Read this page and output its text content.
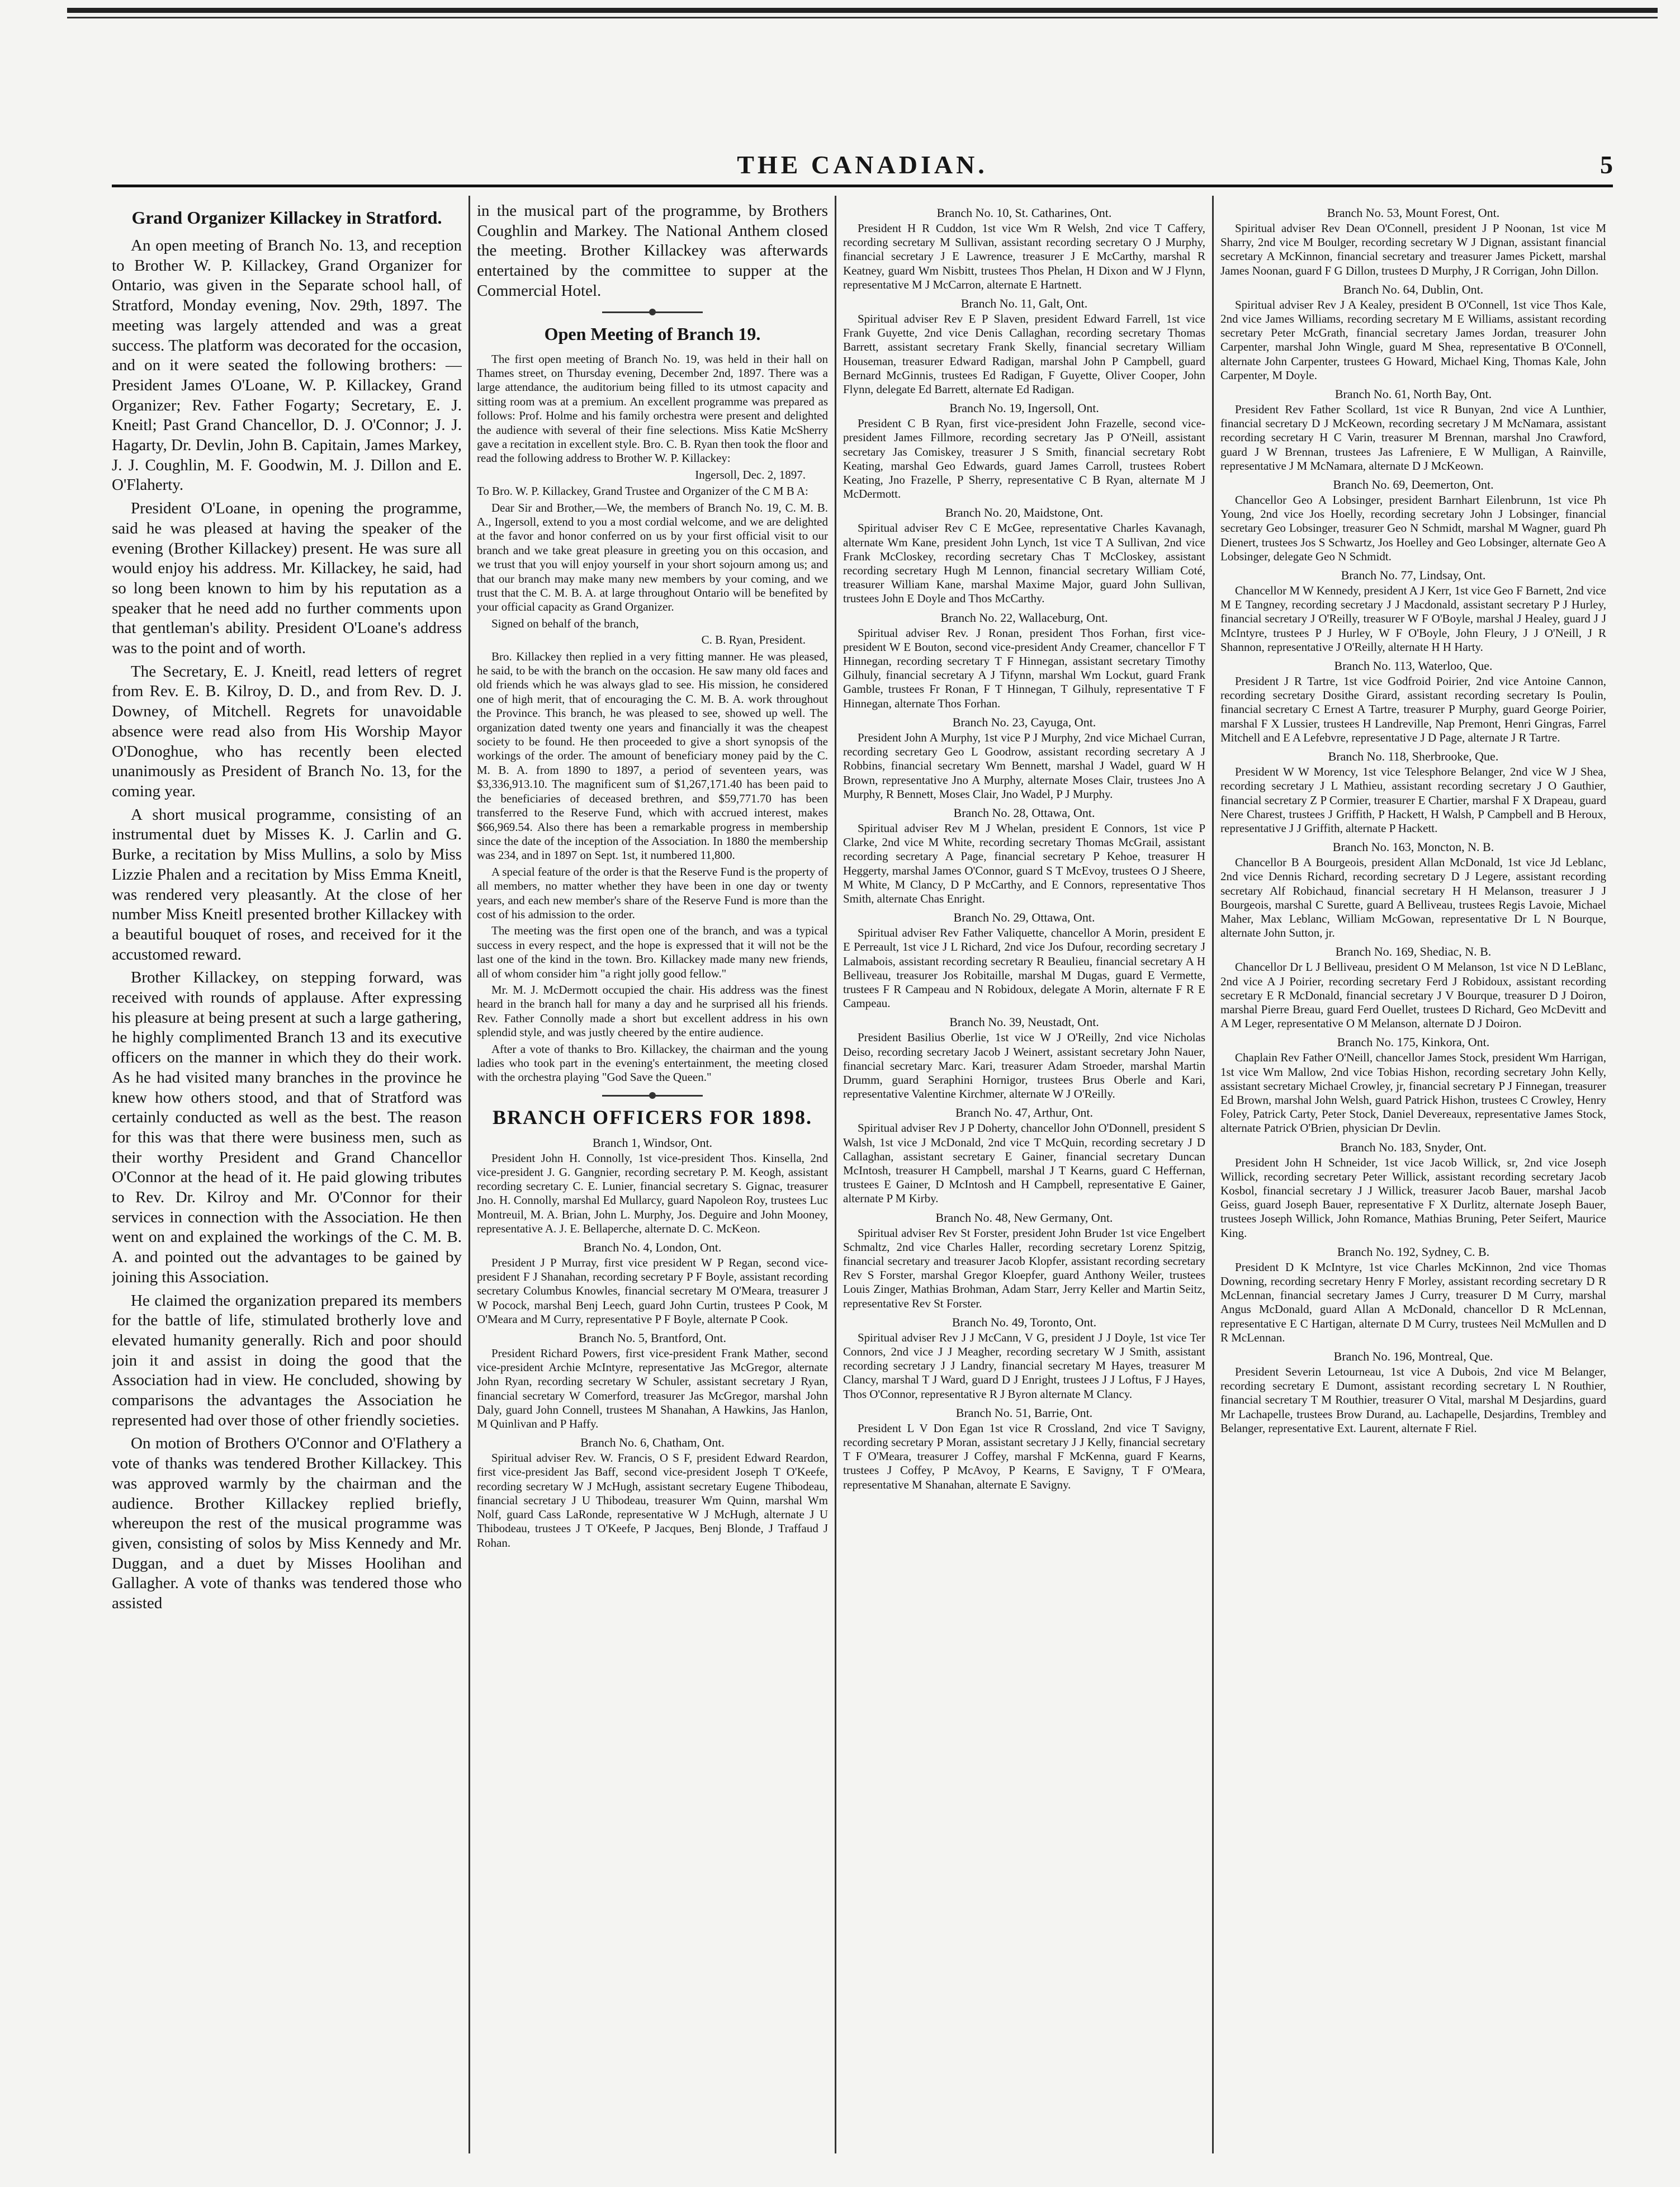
THE CANADIAN.	5
Grand Organizer Killackey in Stratford.

An open meeting of Branch No. 13, and reception to Brother W. P. Killackey, Grand Organizer for Ontario, was given in the Separate school hall, of Stratford, Monday evening, Nov. 29th, 1897. The meeting was largely attended and was a great success. The platform was decorated for the occasion, and on it were seated the following brothers: — President James O'Loane, W. P. Killackey, Grand Organizer; Rev. Father Fogarty; Secretary, E. J. Kneitl; Past Grand Chancellor, D. J. O'Connor; J. J. Hagarty, Dr. Devlin, John B. Capitain, James Markey, J. J. Coughlin, M. F. Goodwin, M. J. Dillon and E. O'Flaherty.

President O'Loane, in opening the programme, said he was pleased at having the speaker of the evening (Brother Killackey) present. He was sure all would enjoy his address. Mr. Killackey, he said, had so long been known to him by his reputation as a speaker that he need add no further comments upon that gentleman's ability. President O'Loane's address was to the point and of worth.

The Secretary, E. J. Kneitl, read letters of regret from Rev. E. B. Kilroy, D. D., and from Rev. D. J. Downey, of Mitchell. Regrets for unavoidable absence were read also from His Worship Mayor O'Donoghue, who has recently been elected unanimously as President of Branch No. 13, for the coming year.

A short musical programme, consisting of an instrumental duet by Misses K. J. Carlin and G. Burke, a recitation by Miss Mullins, a solo by Miss Lizzie Phalen and a recitation by Miss Emma Kneitl, was rendered very pleasantly. At the close of her number Miss Kneitl presented brother Killackey with a beautiful bouquet of roses, and received for it the accustomed reward.

Brother Killackey, on stepping forward, was received with rounds of applause. After expressing his pleasure at being present at such a large gathering, he highly complimented Branch 13 and its executive officers on the manner in which they do their work. As he had visited many branches in the province he knew how others stood, and that of Stratford was certainly conducted as well as the best. The reason for this was that there were business men, such as their worthy President and Grand Chancellor O'Connor at the head of it. He paid glowing tributes to Rev. Dr. Kilroy and Mr. O'Connor for their services in connection with the Association. He then went on and explained the workings of the C. M. B. A. and pointed out the advantages to be gained by joining this Association.

He claimed the organization prepared its members for the battle of life, stimulated brotherly love and elevated humanity generally. Rich and poor should join it and assist in doing the good that the Association had in view. He concluded, showing by comparisons the advantages the Association he represented had over those of other friendly societies.

On motion of Brothers O'Connor and O'Flathery a vote of thanks was tendered Brother Killackey. This was approved warmly by the chairman and the audience. Brother Killackey replied briefly, whereupon the rest of the musical programme was given, consisting of solos by Miss Kennedy and Mr. Duggan, and a duet by Misses Hoolihan and Gallagher. A vote of thanks was tendered those who assisted

in the musical part of the programme, by Brothers Coughlin and Markey. The National Anthem closed the meeting. Brother Killackey was afterwards entertained by the committee to supper at the Commercial Hotel.

Open Meeting of Branch 19.

The first open meeting of Branch No. 19, was held in their hall on Thames street, on Thursday evening, December 2nd, 1897. There was a large attendance, the auditorium being filled to its utmost capacity and sitting room was at a premium. An excellent programme was prepared as follows: Prof. Holme and his family orchestra were present and delighted the audience with several of their fine selections. Miss Katie McSherry gave a recitation in excellent style. Bro. C. B. Ryan then took the floor and read the following address to Brother W. P. Killackey:

Ingersoll, Dec. 2, 1897.

To Bro. W. P. Killackey, Grand Trustee and Organizer of the C M B A:

Dear Sir and Brother,—We, the members of Branch No. 19, C. M. B. A., Ingersoll, extend to you a most cordial welcome, and we are delighted at the favor and honor conferred on us by your first official visit to our branch and we take great pleasure in greeting you on this occasion, and we trust that you will enjoy yourself in your short sojourn among us; and that our branch may make many new members by your coming, and we trust that the C. M. B. A. at large throughout Ontario will be benefited by your official capacity as Grand Organizer.

Signed on behalf of the branch,

C. B. Ryan, President.

Bro. Killackey then replied in a very fitting manner. He was pleased, he said, to be with the branch on the occasion. He saw many old faces and old friends which he was always glad to see. His mission, he considered one of high merit, that of encouraging the C. M. B. A. work throughout the Province. This branch, he was pleased to see, showed up well. The organization dated twenty one years and financially it was the cheapest society to be found. He then proceeded to give a short synopsis of the workings of the order. The amount of beneficiary money paid by the C. M. B. A. from 1890 to 1897, a period of seventeen years, was $3,336,913.10. The magnificent sum of $1,267,171.40 has been paid to the beneficiaries of deceased brethren, and $59,771.70 has been transferred to the Reserve Fund, which with accrued interest, makes $66,969.54. Also there has been a remarkable progress in membership since the date of the inception of the Association. In 1880 the membership was 234, and in 1897 on Sept. 1st, it numbered 11,800.

A special feature of the order is that the Reserve Fund is the property of all members, no matter whether they have been in one day or twenty years, and each new member's share of the Reserve Fund is more than the cost of his admission to the order.

The meeting was the first open one of the branch, and was a typical success in every respect, and the hope is expressed that it will not be the last one of the kind in the town. Bro. Killackey made many new friends, all of whom consider him "a right jolly good fellow."

Mr. M. J. McDermott occupied the chair. His address was the finest heard in the branch hall for many a day and he surprised all his friends. Rev. Father Connolly made a short but excellent address in his own splendid style, and was justly cheered by the entire audience.

After a vote of thanks to Bro. Killackey, the chairman and the young ladies who took part in the evening's entertainment, the meeting closed with the orchestra playing "God Save the Queen."

BRANCH OFFICERS FOR 1898.
Branch 1, Windsor, Ont.

President John H. Connolly, 1st vice-president Thos. Kinsella, 2nd vice-president J. G. Gangnier, recording secretary P. M. Keogh, assistant recording secretary C. E. Lunier, financial secretary S. Gignac, treasurer Jno. H. Connolly, marshal Ed Mullarcy, guard Napoleon Roy, trustees Luc Montreuil, M. A. Brian, John L. Murphy, Jos. Deguire and John Mooney, representative A. J. E. Bellaperche, alternate D. C. McKeon.

Branch No. 4, London, Ont.

President J P Murray, first vice president W P Regan, second vice-president F J Shanahan, recording secretary P F Boyle, assistant recording secretary Columbus Knowles, financial secretary M O'Meara, treasurer J W Pocock, marshal Benj Leech, guard John Curtin, trustees P Cook, M O'Meara and M Curry, representative P F Boyle, alternate P Cook.

Branch No. 5, Brantford, Ont.

President Richard Powers, first vice-president Frank Mather, second vice-president Archie McIntyre, representative Jas McGregor, alternate John Ryan, recording secretary W Schuler, assistant secretary J Ryan, financial secretary W Comerford, treasurer Jas McGregor, marshal John Daly, guard John Connell, trustees M Shanahan, A Hawkins, Jas Hanlon, M Quinlivan and P Haffy.

Branch No. 6, Chatham, Ont.

Spiritual adviser Rev. W. Francis, O S F, president Edward Reardon, first vice-president Jas Baff, second vice-president Joseph T O'Keefe, recording secretary W J McHugh, assistant secretary Eugene Thibodeau, financial secretary J U Thibodeau, treasurer Wm Quinn, marshal Wm Nolf, guard Cass LaRonde, representative W J McHugh, alternate J U Thibodeau, trustees J T O'Keefe, P Jacques, Benj Blonde, J Traffaud J Rohan.

Branch No. 10, St. Catharines, Ont.

President H R Cuddon, 1st vice Wm R Welsh, 2nd vice T Caffery, recording secretary M Sullivan, assistant recording secretary O J Murphy, financial secretary J E Lawrence, treasurer J E McCarthy, marshal R Keatney, guard Wm Nisbitt, trustees Thos Phelan, H Dixon and W J Flynn, representative M J McCarron, alternate E Hartnett.

Branch No. 11, Galt, Ont.

Spiritual adviser Rev E P Slaven, president Edward Farrell, 1st vice Frank Guyette, 2nd vice Denis Callaghan, recording secretary Thomas Barrett, assistant secretary Frank Skelly, financial secretary William Houseman, treasurer Edward Radigan, marshal John P Campbell, guard Bernard McGinnis, trustees Ed Radigan, F Guyette, Oliver Cooper, John Flynn, delegate Ed Barrett, alternate Ed Radigan.

Branch No. 19, Ingersoll, Ont.

President C B Ryan, first vice-president John Frazelle, second vice-president James Fillmore, recording secretary Jas P O'Neill, assistant secretary Jas Comiskey, treasurer J S Smith, financial secretary Robt Keating, marshal Geo Edwards, guard James Carroll, trustees Robert Keating, Jno Frazelle, P Sherry, representative C B Ryan, alternate M J McDermott.

Branch No. 20, Maidstone, Ont.

Spiritual adviser Rev C E McGee, representative Charles Kavanagh, alternate Wm Kane, president John Lynch, 1st vice T A Sullivan, 2nd vice Frank McCloskey, recording secretary Chas T McCloskey, assistant recording secretary Hugh M Lennon, financial secretary William Coté, treasurer William Kane, marshal Maxime Major, guard John Sullivan, trustees John E Doyle and Thos McCarthy.

Branch No. 22, Wallaceburg, Ont.

Spiritual adviser Rev. J Ronan, president Thos Forhan, first vice-president W E Bouton, second vice-president Andy Creamer, chancellor F T Hinnegan, recording secretary T F Hinnegan, assistant secretary Timothy Gilhuly, financial secretary A J Tifynn, marshal Wm Lockut, guard Frank Gamble, trustees Fr Ronan, F T Hinnegan, T Gilhuly, representative T F Hinnegan, alternate Thos Forhan.

Branch No. 23, Cayuga, Ont.

President John A Murphy, 1st vice P J Murphy, 2nd vice Michael Curran, recording secretary Geo L Goodrow, assistant recording secretary A J Robbins, financial secretary Wm Bennett, marshal J Wadel, guard W H Brown, representative Jno A Murphy, alternate Moses Clair, trustees Jno A Murphy, R Bennett, Moses Clair, Jno Wadel, P J Murphy.

Branch No. 28, Ottawa, Ont.

Spiritual adviser Rev M J Whelan, president E Connors, 1st vice P Clarke, 2nd vice M White, recording secretary Thomas McGrail, assistant recording secretary A Page, financial secretary P Kehoe, treasurer H Heggerty, marshal James O'Connor, guard S T McEvoy, trustees O J Sheere, M White, M Clancy, D P McCarthy, and E Connors, representative Thos Smith, alternate Chas Enright.

Branch No. 29, Ottawa, Ont.

Spiritual adviser Rev Father Valiquette, chancellor A Morin, president E E Perreault, 1st vice J L Richard, 2nd vice Jos Dufour, recording secretary J Lalmabois, assistant recording secretary R Beaulieu, financial secretary A H Belliveau, treasurer Jos Robitaille, marshal M Dugas, guard E Vermette, trustees F R Campeau and N Robidoux, delegate A Morin, alternate F R E Campeau.

Branch No. 39, Neustadt, Ont.

President Basilius Oberlie, 1st vice W J O'Reilly, 2nd vice Nicholas Deiso, recording secretary Jacob J Weinert, assistant secretary John Nauer, financial secretary Marc. Kari, treasurer Adam Stroeder, marshal Martin Drumm, guard Seraphini Hornigor, trustees Brus Oberle and Kari, representative Valentine Kirchmer, alternate W J O'Reilly.

Branch No. 47, Arthur, Ont.

Spiritual adviser Rev J P Doherty, chancellor John O'Donnell, president S Walsh, 1st vice J McDonald, 2nd vice T McQuin, recording secretary J D Callaghan, assistant secretary E Gainer, financial secretary Duncan McIntosh, treasurer H Campbell, marshal J T Kearns, guard C Heffernan, trustees E Gainer, D McIntosh and H Campbell, representative E Gainer, alternate P M Kirby.

Branch No. 48, New Germany, Ont.

Spiritual adviser Rev St Forster, president John Bruder 1st vice Engelbert Schmaltz, 2nd vice Charles Haller, recording secretary Lorenz Spitzig, financial secretary and treasurer Jacob Klopfer, assistant recording secretary Rev S Forster, marshal Gregor Kloepfer, guard Anthony Weiler, trustees Louis Zinger, Mathias Brohman, Adam Starr, Jerry Keller and Martin Seitz, representative Rev St Forster.

Branch No. 49, Toronto, Ont.

Spiritual adviser Rev J J McCann, V G, president J J Doyle, 1st vice Ter Connors, 2nd vice J J Meagher, recording secretary W J Smith, assistant recording secretary J J Landry, financial secretary M Hayes, treasurer M Clancy, marshal T J Ward, guard D J Enright, trustees J J Loftus, F J Hayes, Thos O'Connor, representative R J Byron alternate M Clancy.

Branch No. 51, Barrie, Ont.

President L V Don Egan 1st vice R Crossland, 2nd vice T Savigny, recording secretary P Moran, assistant secretary J J Kelly, financial secretary T F O'Meara, treasurer J Coffey, marshal F McKenna, guard F Kearns, trustees J Coffey, P McAvoy, P Kearns, E Savigny, T F O'Meara, representative M Shanahan, alternate E Savigny.

Branch No. 53, Mount Forest, Ont.

Spiritual adviser Rev Dean O'Connell, president J P Noonan, 1st vice M Sharry, 2nd vice M Boulger, recording secretary W J Dignan, assistant financial secretary A McKinnon, financial secretary and treasurer James Pickett, marshal James Noonan, guard F G Dillon, trustees D Murphy, J R Corrigan, John Dillon.

Branch No. 64, Dublin, Ont.

Spiritual adviser Rev J A Kealey, president B O'Connell, 1st vice Thos Kale, 2nd vice James Williams, recording secretary M E Williams, assistant recording secretary Peter McGrath, financial secretary James Jordan, treasurer John Carpenter, marshal John Wingle, guard M Shea, representative B O'Connell, alternate John Carpenter, trustees G Howard, Michael King, Thomas Kale, John Carpenter, M Doyle.

Branch No. 61, North Bay, Ont.

President Rev Father Scollard, 1st vice R Bunyan, 2nd vice A Lunthier, financial secretary D J McKeown, recording secretary J M McNamara, assistant recording secretary H C Varin, treasurer M Brennan, marshal Jno Crawford, guard J W Brennan, trustees Jas Lafreniere, E W Mulligan, A Rainville, representative J M McNamara, alternate D J McKeown.

Branch No. 69, Deemerton, Ont.

Chancellor Geo A Lobsinger, president Barnhart Eilenbrunn, 1st vice Ph Young, 2nd vice Jos Hoelly, recording secretary John J Lobsinger, financial secretary Geo Lobsinger, treasurer Geo N Schmidt, marshal M Wagner, guard Ph Dienert, trustees Jos S Schwartz, Jos Hoelley and Geo Lobsinger, alternate Geo A Lobsinger, delegate Geo N Schmidt.

Branch No. 77, Lindsay, Ont.

Chancellor M W Kennedy, president A J Kerr, 1st vice Geo F Barnett, 2nd vice M E Tangney, recording secretary J J Macdonald, assistant secretary P J Hurley, financial secretary J O'Reilly, treasurer W F O'Boyle, marshal J Healey, guard J J McIntyre, trustees P J Hurley, W F O'Boyle, John Fleury, J J O'Neill, J R Shannon, representative J O'Reilly, alternate H H Harty.

Branch No. 113, Waterloo, Que.

President J R Tartre, 1st vice Godfroid Poirier, 2nd vice Antoine Cannon, recording secretary Dosithe Girard, assistant recording secretary Is Poulin, financial secretary C Ernest A Tartre, treasurer P Murphy, guard George Poirier, marshal F X Lussier, trustees H Landreville, Nap Premont, Henri Gingras, Farrel Mitchell and E A Lefebvre, representative J D Page, alternate J R Tartre.

Branch No. 118, Sherbrooke, Que.

President W W Morency, 1st vice Telesphore Belanger, 2nd vice W J Shea, recording secretary J L Mathieu, assistant recording secretary J O Gauthier, financial secretary Z P Cormier, treasurer E Chartier, marshal F X Drapeau, guard Nere Charest, trustees J Griffith, P Hackett, H Walsh, P Campbell and B Heroux, representative J J Griffith, alternate P Hackett.

Branch No. 163, Moncton, N. B.

Chancellor B A Bourgeois, president Allan McDonald, 1st vice Jd Leblanc, 2nd vice Dennis Richard, recording secretary D J Legere, assistant recording secretary Alf Robichaud, financial secretary H H Melanson, treasurer J J Bourgeois, marshal C Surette, guard A Belliveau, trustees Regis Lavoie, Michael Maher, Max Leblanc, William McGowan, representative Dr L N Bourque, alternate John Sutton, jr.

Branch No. 169, Shediac, N. B.

Chancellor Dr L J Belliveau, president O M Melanson, 1st vice N D LeBlanc, 2nd vice A J Poirier, recording secretary Ferd J Robidoux, assistant recording secretary E R McDonald, financial secretary J V Bourque, treasurer D J Doiron, marshal Pierre Breau, guard Ferd Ouellet, trustees D Richard, Geo McDevitt and A M Leger, representative O M Melanson, alternate D J Doiron.

Branch No. 175, Kinkora, Ont.

Chaplain Rev Father O'Neill, chancellor James Stock, president Wm Harrigan, 1st vice Wm Mallow, 2nd vice Tobias Hishon, recording secretary John Kelly, assistant secretary Michael Crowley, jr, financial secretary P J Finnegan, treasurer Ed Brown, marshal John Welsh, guard Patrick Hishon, trustees C Crowley, Henry Foley, Patrick Carty, Peter Stock, Daniel Devereaux, representative James Stock, alternate Patrick O'Brien, physician Dr Devlin.

Branch No. 183, Snyder, Ont.

President John H Schneider, 1st vice Jacob Willick, sr, 2nd vice Joseph Willick, recording secretary Peter Willick, assistant recording secretary Jacob Kosbol, financial secretary J J Willick, treasurer Jacob Bauer, marshal Jacob Geiss, guard Joseph Bauer, representative F X Durlitz, alternate Joseph Bauer, trustees Joseph Willick, John Romance, Mathias Bruning, Peter Seifert, Maurice King.

Branch No. 192, Sydney, C. B.

President D K McIntyre, 1st vice Charles McKinnon, 2nd vice Thomas Downing, recording secretary Henry F Morley, assistant recording secretary D R McLennan, financial secretary James J Curry, treasurer D M Curry, marshal Angus McDonald, guard Allan A McDonald, chancellor D R McLennan, representative E C Hartigan, alternate D M Curry, trustees Neil McMullen and D R McLennan.

Branch No. 196, Montreal, Que.

President Severin Letourneau, 1st vice A Dubois, 2nd vice M Belanger, recording secretary E Dumont, assistant recording secretary L N Routhier, financial secretary T M Routhier, treasurer O Vital, marshal M Desjardins, guard Mr Lachapelle, trustees Brow Durand, au. Lachapelle, Desjardins, Trembley and Belanger, representative Ext. Laurent, alternate F Riel.
